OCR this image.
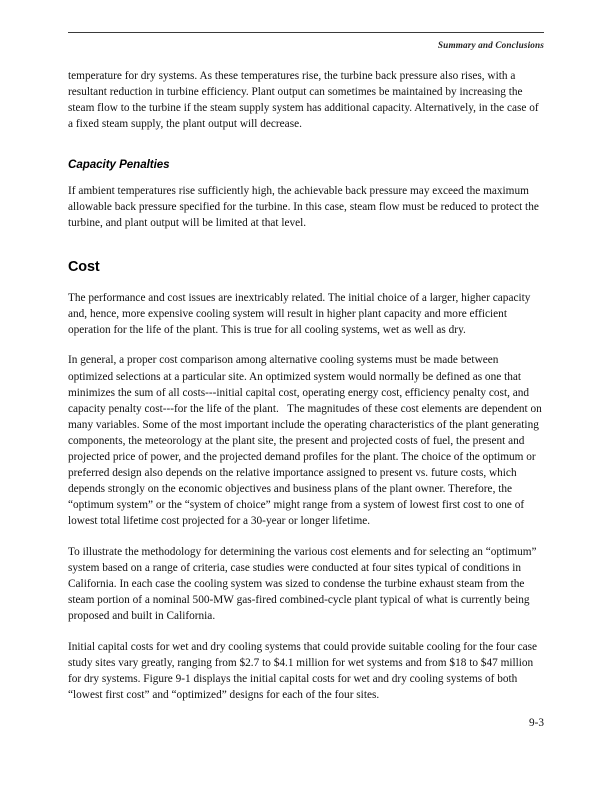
Summary and Conclusions

temperature for dry systems. As these temperatures rise, the turbine back pressure also rises, with a resultant reduction in turbine efficiency. Plant output can sometimes be maintained by increasing the steam flow to the turbine if the steam supply system has additional capacity. Alternatively, in the case of a fixed steam supply, the plant output will decrease.

Capacity Penalties

If ambient temperatures rise sufficiently high, the achievable back pressure may exceed the maximum allowable back pressure specified for the turbine. In this case, steam flow must be reduced to protect the turbine, and plant output will be limited at that level.

Cost

The performance and cost issues are inextricably related. The initial choice of a larger, higher capacity and, hence, more expensive cooling system will result in higher plant capacity and more efficient operation for the life of the plant. This is true for all cooling systems, wet as well as dry.

In general, a proper cost comparison among alternative cooling systems must be made between optimized selections at a particular site. An optimized system would normally be defined as one that minimizes the sum of all costs---initial capital cost, operating energy cost, efficiency penalty cost, and capacity penalty cost---for the life of the plant.   The magnitudes of these cost elements are dependent on many variables. Some of the most important include the operating characteristics of the plant generating components, the meteorology at the plant site, the present and projected costs of fuel, the present and projected price of power, and the projected demand profiles for the plant. The choice of the optimum or preferred design also depends on the relative importance assigned to present vs. future costs, which depends strongly on the economic objectives and business plans of the plant owner. Therefore, the “optimum system” or the “system of choice” might range from a system of lowest first cost to one of lowest total lifetime cost projected for a 30-year or longer lifetime.

To illustrate the methodology for determining the various cost elements and for selecting an “optimum” system based on a range of criteria, case studies were conducted at four sites typical of conditions in California. In each case the cooling system was sized to condense the turbine exhaust steam from the  steam portion of a nominal 500-MW gas-fired combined-cycle plant typical of what is currently being proposed and built in California.

Initial capital costs for wet and dry cooling systems that could provide suitable cooling for the four case study sites vary greatly, ranging from $2.7 to $4.1 million for wet systems and from $18 to $47 million for dry systems. Figure 9-1 displays the initial capital costs for wet and dry cooling systems of both “lowest first cost” and “optimized” designs for each of the four sites.

9-3
